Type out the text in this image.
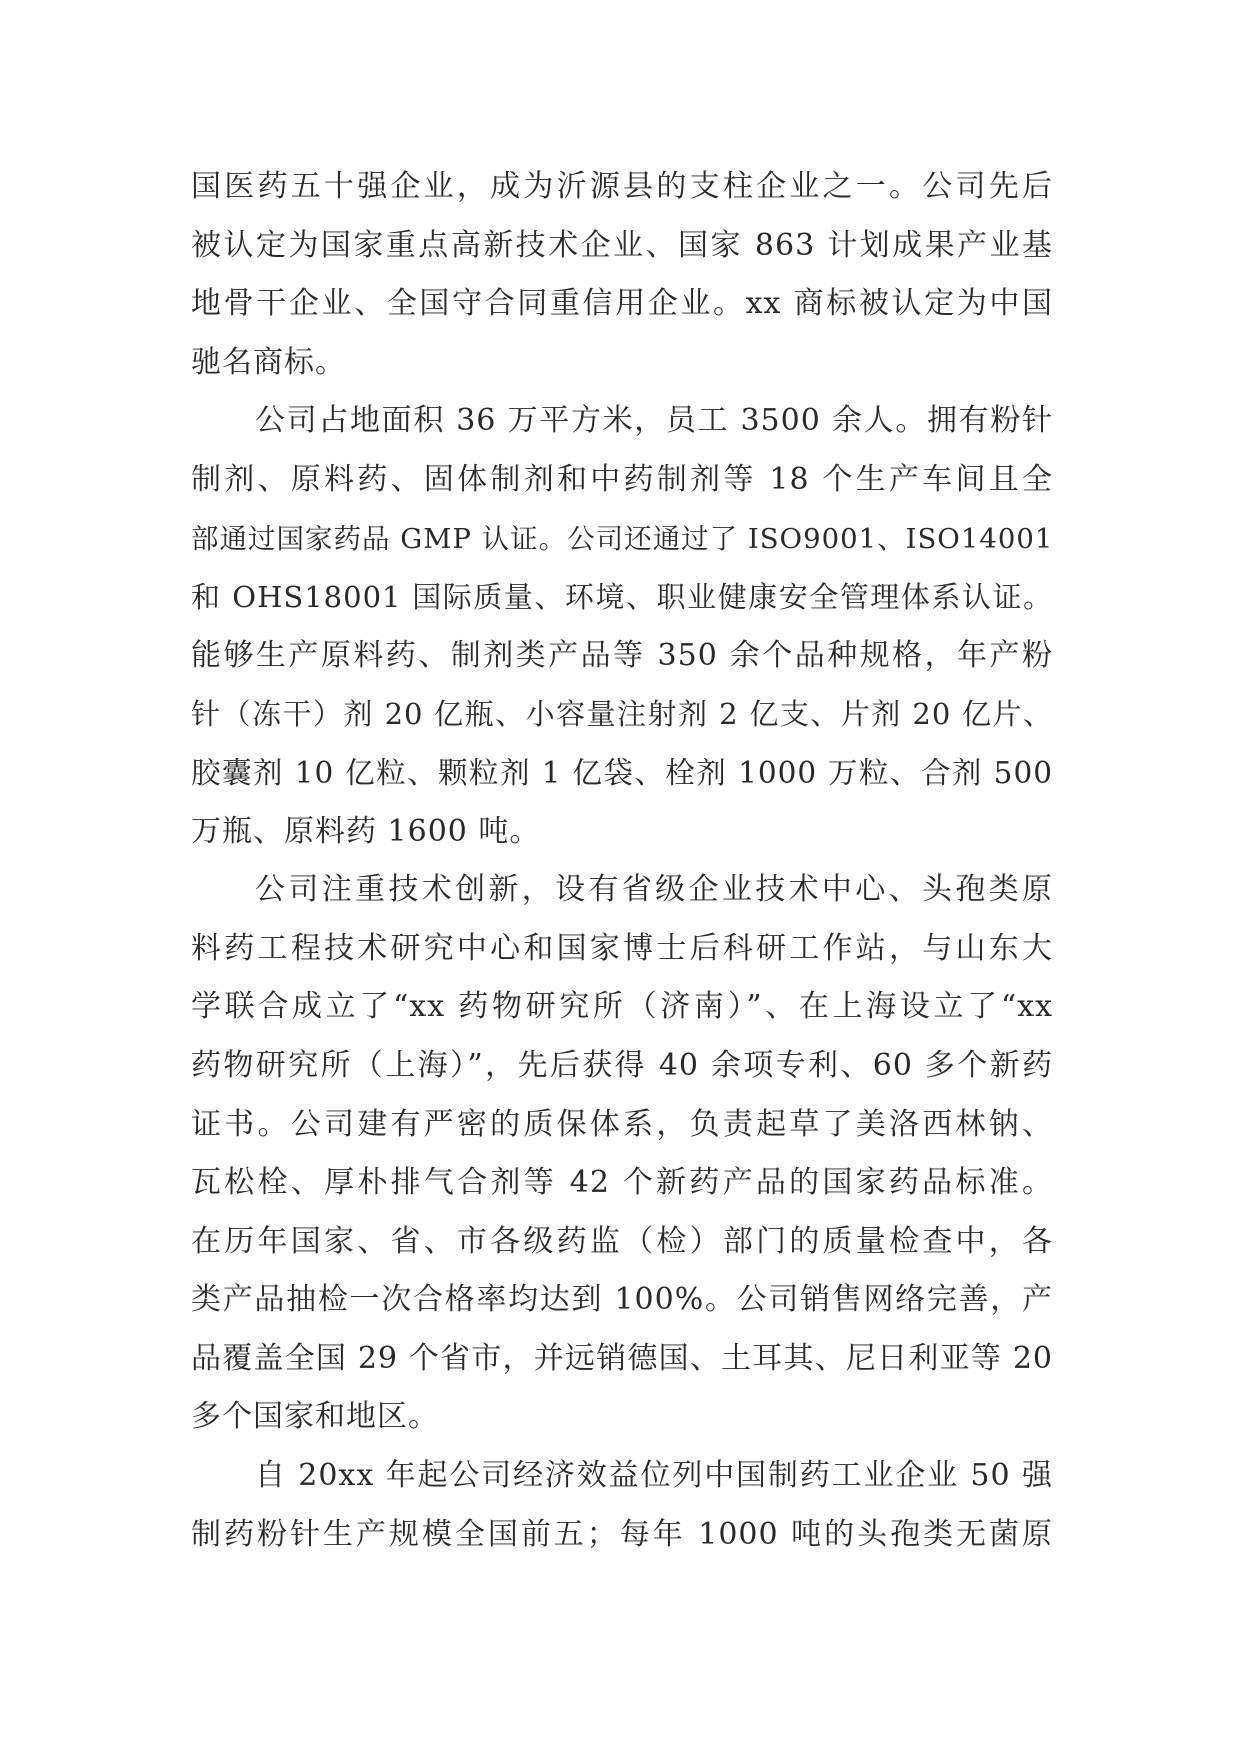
国医药五十强企业，成为沂源县的支柱企业之一。公司先后
被认定为国家重点高新技术企业、国家 863 计划成果产业基
地骨干企业、全国守合同重信用企业。xx 商标被认定为中国
驰名商标。
公司占地面积 36 万平方米，员工 3500 余人。拥有粉针
制剂、原料药、固体制剂和中药制剂等 18 个生产车间且全
部通过国家药品 GMP 认证。公司还通过了 ISO9001、ISO14001
和 OHS18001 国际质量、环境、职业健康安全管理体系认证。
能够生产原料药、制剂类产品等 350 余个品种规格，年产粉
针（冻干）剂 20 亿瓶、小容量注射剂 2 亿支、片剂 20 亿片、
胶囊剂 10 亿粒、颗粒剂 1 亿袋、栓剂 1000 万粒、合剂 500
万瓶、原料药 1600 吨。
公司注重技术创新，设有省级企业技术中心、头孢类原
料药工程技术研究中心和国家博士后科研工作站，与山东大
学联合成立了“xx 药物研究所（济南）”、在上海设立了“xx
药物研究所（上海）”，先后获得 40 余项专利、60 多个新药
证书。公司建有严密的质保体系，负责起草了美洛西林钠、
瓦松栓、厚朴排气合剂等 42 个新药产品的国家药品标准。
在历年国家、省、市各级药监（检）部门的质量检查中，各
类产品抽检一次合格率均达到 100%。公司销售网络完善，产
品覆盖全国 29 个省市，并远销德国、土耳其、尼日利亚等 20
多个国家和地区。
自 20xx 年起公司经济效益位列中国制药工业企业 50 强
制药粉针生产规模全国前五；每年 1000 吨的头孢类无菌原
